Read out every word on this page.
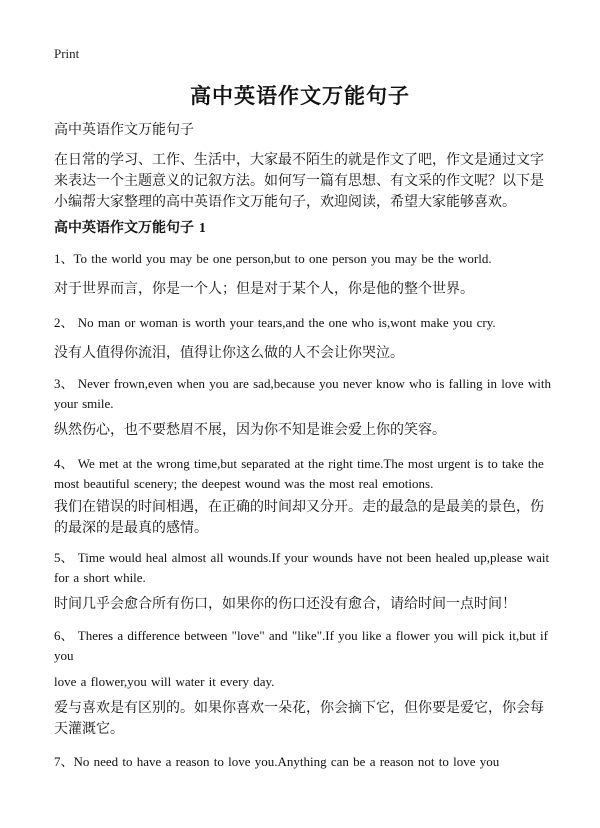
Print
高中英语作文万能句子

高中英语作文万能句子

在日常的学习、工作、生活中，大家最不陌生的就是作文了吧，作文是通过文字来表达一个主题意义的记叙方法。如何写一篇有思想、有文采的作文呢？以下是小编帮大家整理的高中英语作文万能句子，欢迎阅读，希望大家能够喜欢。

高中英语作文万能句子 1

1、To the world you may be one person,but to one person you may be the world.

对于世界而言，你是一个人；但是对于某个人，你是他的整个世界。

2、 No man or woman is worth your tears,and the one who is,wont make you cry.

没有人值得你流泪，值得让你这么做的人不会让你哭泣。

3、 Never frown,even when you are sad,because you never know who is falling in love with your smile.

纵然伤心，也不要愁眉不展，因为你不知是谁会爱上你的笑容。

4、 We met at the wrong time,but separated at the right time.The most urgent is to take the most beautiful scenery; the deepest wound was the most real emotions.

我们在错误的时间相遇，在正确的时间却又分开。走的最急的是最美的景色，伤的最深的是最真的感情。

5、 Time would heal almost all wounds.If your wounds have not been healed up,please wait for a short while.

时间几乎会愈合所有伤口，如果你的伤口还没有愈合，请给时间一点时间！

6、 Theres a difference between "love" and "like".If you like a flower you will pick it,but if you

love a flower,you will water it every day.

爱与喜欢是有区别的。如果你喜欢一朵花，你会摘下它，但你要是爱它，你会每天灌溉它。

7、No need to have a reason to love you.Anything can be a reason not to love you
